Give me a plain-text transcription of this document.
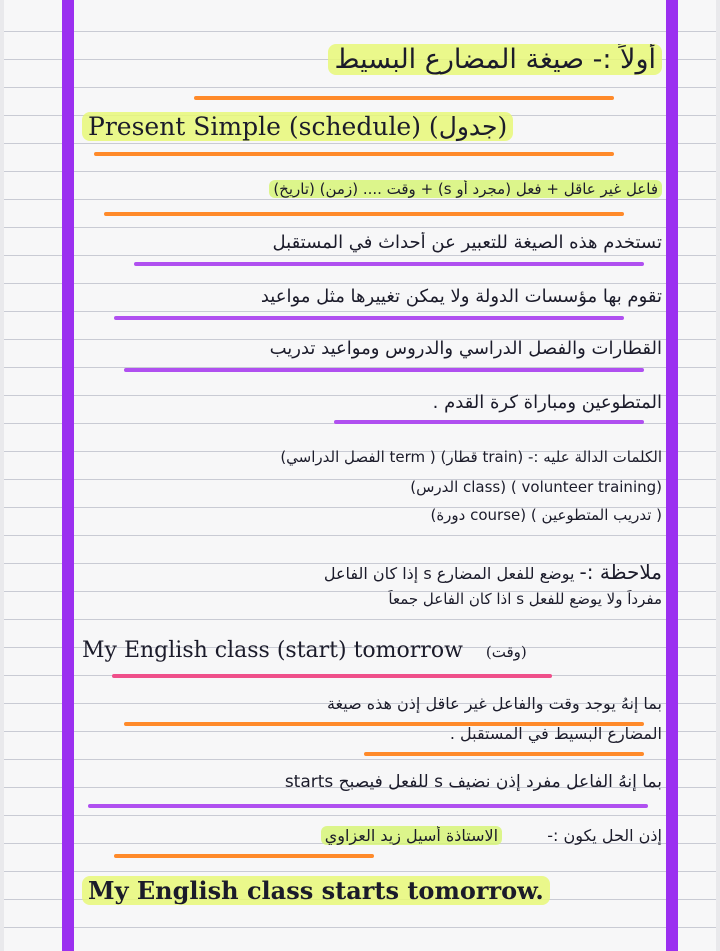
أولاً :- صيغة المضارع البسيط
Present Simple (schedule) (جدول)
فاعل غير عاقل + فعل (مجرد أو s) + وقت .... (زمن) (تاريخ)
تستخدم هذه الصيغة للتعبير عن أحداث في المستقبل
تقوم بها مؤسسات الدولة ولا يمكن تغييرها مثل مواعيد
القطارات والفصل الدراسي والدروس ومواعيد تدريب
المتطوعين ومباراة كرة القدم .
الكلمات الدالة عليه :- (train قطار) ( term الفصل الدراسي)
(volunteer training ) (class الدرس)
( تدريب المتطوعين ) (course دورة)
ملاحظة :- يوضع للفعل المضارع s إذا كان الفاعل
مفرداً ولا يوضع للفعل s اذا كان الفاعل جمعاً
My English class (start) tomorrow (وقت)
بما إنهُ يوجد وقت والفاعل غير عاقل إذن هذه صيغة
المضارع البسيط في المستقبل .
بما إنهُ الفاعل مفرد إذن نضيف s للفعل فيصبح starts
إذن الحل يكون :- الاستاذة أسيل زيد العزاوي
My English class starts tomorrow.
